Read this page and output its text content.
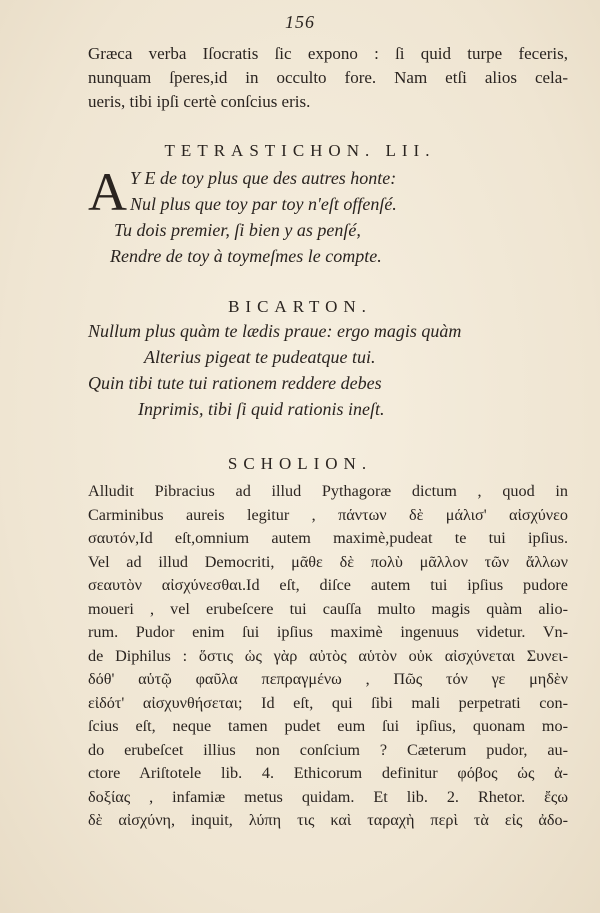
156
Græca verba Iſocratis ſic expono : ſi quid turpe feceris,
nunquam ſperes,id in occulto fore. Nam etſi alios cela-
ueris, tibi ipſi certè conſcius eris.
TETRASTICHON. LII.
A Y E de toy plus que des autres honte:
Nul plus que toy par toy n'eſt offenſé.
Tu dois premier, ſi bien y as penſé,
Rendre de toy à toymeſmes le compte.
BICARTON.
Nullum plus quàm te lædis praue: ergo magis quàm
Alterius pigeat te pudeatque tui.
Quin tibi tute tui rationem reddere debes
Inprimis, tibi ſi quid rationis ineſt.
SCHOLION.
Alludit Pibracius ad illud Pythagoræ dictum , quod in
Carminibus aureis legitur , πάντων δὲ μάλισ' αἰσχύνεο
σαυτόν,Id eſt,omnium autem maximè,pudeat te tui ipſius.
Vel ad illud Democriti, μᾶθε δὲ πολὺ μᾶλλον τῶν ἄλλων
σεαυτὸν αἰσχύνεσθαι.Id eſt, diſce autem tui ipſius pudore
moueri , vel erubeſcere tui cauſſa multo magis quàm alio-
rum. Pudor enim ſui ipſius maximè ingenuus videtur. Vn-
de Diphilus : ὅστις ὡς γὰρ αὐτὸς αὑτὸν οὐκ αἰσχύνεται Συνει-
δόθ' αὑτῷ φαῦλα πεπραγμένω , Πῶς τόν γε μηδὲν
εἰδότ' αἰσχυνθήσεται; Id eſt, qui ſibi mali perpetrati con-
ſcius eſt, neque tamen pudet eum ſui ipſius, quonam mo-
do erubeſcet illius non conſcium ? Cæterum pudor, au-
ctore Ariſtotele lib. 4. Ethicorum definitur φόβος ὡς ἀ-
δοξίας , infamiæ metus quidam. Et lib. 2. Rhetor. ἔςω
δὲ αἰσχύνη, inquit, λύπη τις καὶ ταραχὴ περὶ τὰ εἰς ἀδο-
